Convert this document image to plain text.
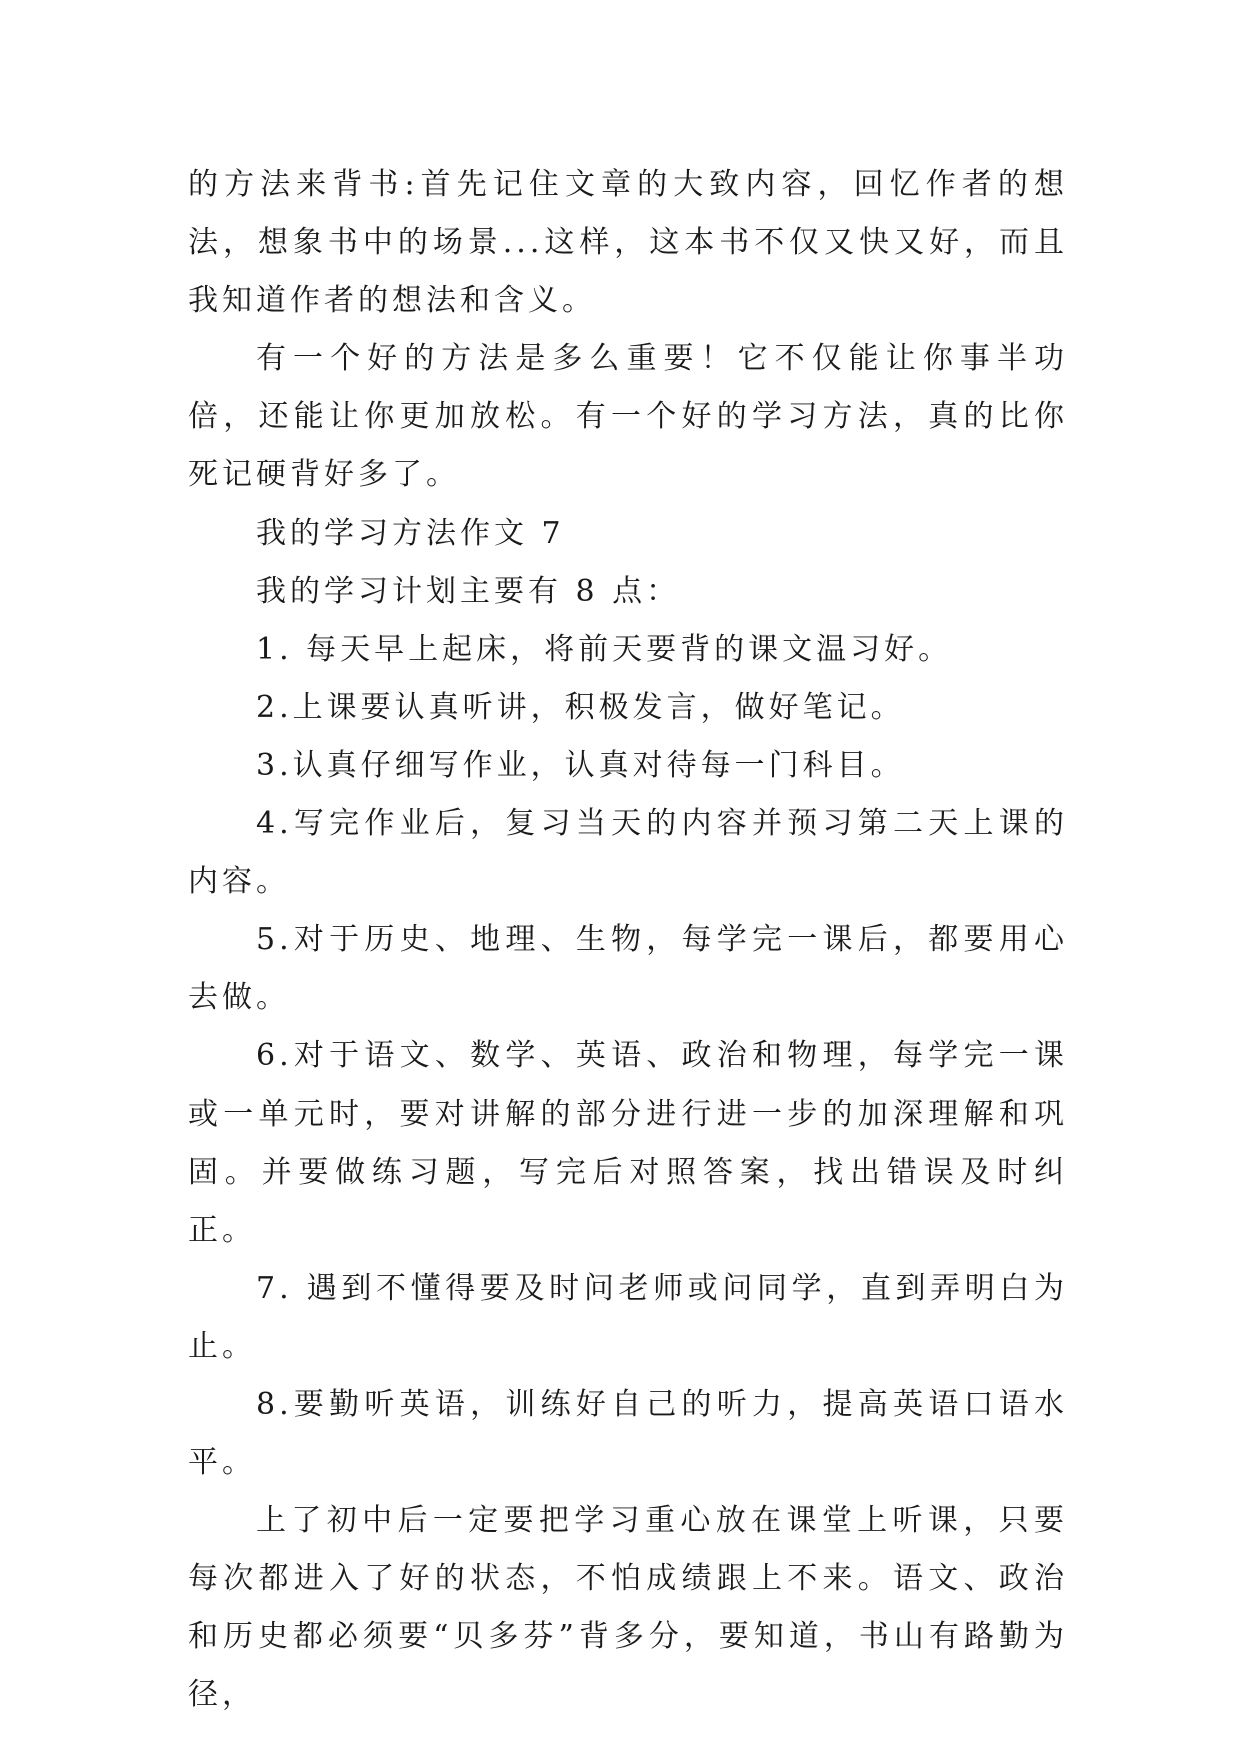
的方法来背书:首先记住文章的大致内容，回忆作者的想法，想象书中的场景...这样，这本书不仅又快又好，而且我知道作者的想法和含义。

有一个好的方法是多么重要！它不仅能让你事半功倍，还能让你更加放松。有一个好的学习方法，真的比你死记硬背好多了。

我的学习方法作文 7

我的学习计划主要有 8 点：

1. 每天早上起床，将前天要背的课文温习好。

2.上课要认真听讲，积极发言，做好笔记。

3.认真仔细写作业，认真对待每一门科目。

4.写完作业后，复习当天的内容并预习第二天上课的内容。

5.对于历史、地理、生物，每学完一课后，都要用心去做。

6.对于语文、数学、英语、政治和物理，每学完一课或一单元时，要对讲解的部分进行进一步的加深理解和巩固。并要做练习题，写完后对照答案，找出错误及时纠正。

7. 遇到不懂得要及时问老师或问同学，直到弄明白为止。

8.要勤听英语，训练好自己的听力，提高英语口语水平。

上了初中后一定要把学习重心放在课堂上听课，只要每次都进入了好的状态，不怕成绩跟上不来。语文、政治和历史都必须要“贝多芬”背多分，要知道，书山有路勤为径，
